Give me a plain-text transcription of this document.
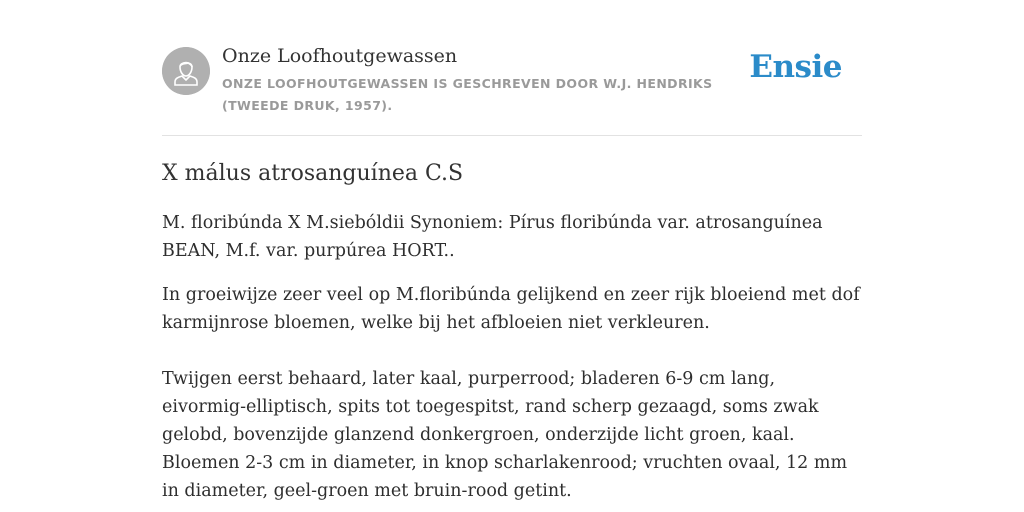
Onze Loofhoutgewassen
ONZE LOOFHOUTGEWASSEN IS GESCHREVEN DOOR W.J. HENDRIKS (TWEEDE DRUK, 1957).
Ensie
X málus atrosanguínea C.S

M. floribúnda X M.siebóldii Synoniem: Pírus floribúnda var. atrosanguínea BEAN, M.f. var. purpúrea HORT..

In groeiwijze zeer veel op M.floribúnda gelijkend en zeer rijk bloeiend met dof karmijnrose bloemen, welke bij het afbloeien niet verkleuren.

Twijgen eerst behaard, later kaal, purperrood; bladeren 6-9 cm lang, eivormig-elliptisch, spits tot toegespitst, rand scherp gezaagd, soms zwak gelobd, bovenzijde glanzend donkergroen, onderzijde licht groen, kaal. Bloemen 2-3 cm in diameter, in knop scharlakenrood; vruchten ovaal, 12 mm in diameter, geel-groen met bruin-rood getint.
